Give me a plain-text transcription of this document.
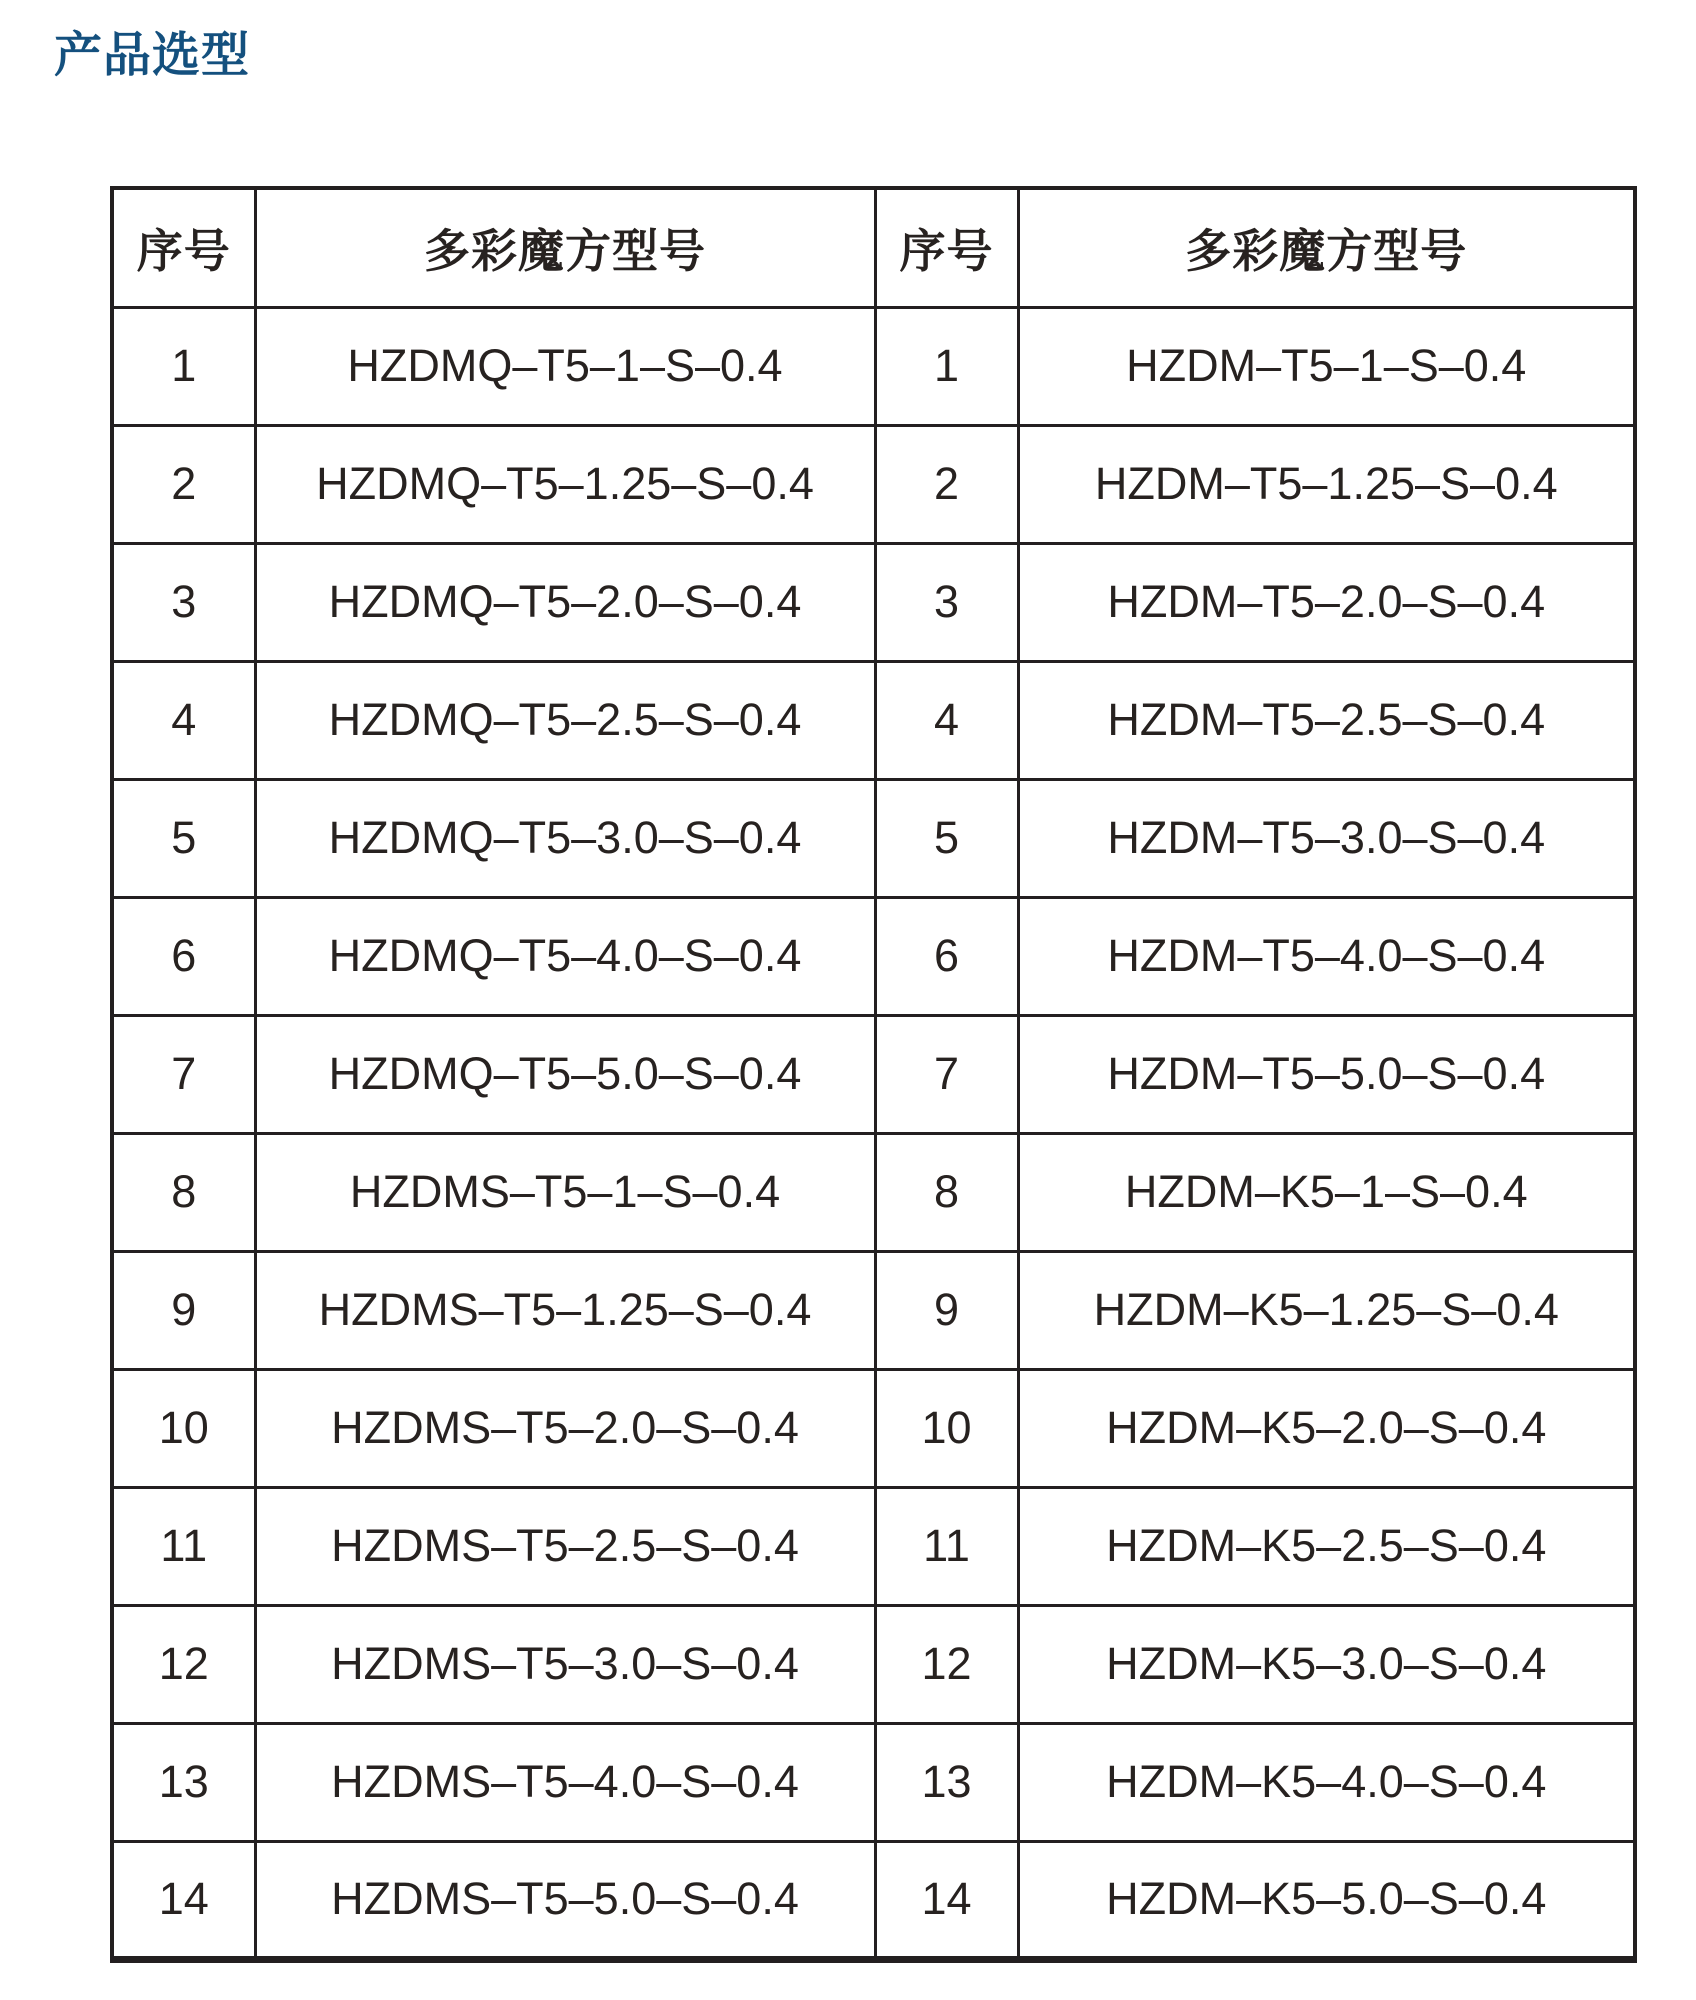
产品选型
序号	多彩魔方型号	序号	多彩魔方型号
1	HZDMQ–T5–1–S–0.4	1	HZDM–T5–1–S–0.4
2	HZDMQ–T5–1.25–S–0.4	2	HZDM–T5–1.25–S–0.4
3	HZDMQ–T5–2.0–S–0.4	3	HZDM–T5–2.0–S–0.4
4	HZDMQ–T5–2.5–S–0.4	4	HZDM–T5–2.5–S–0.4
5	HZDMQ–T5–3.0–S–0.4	5	HZDM–T5–3.0–S–0.4
6	HZDMQ–T5–4.0–S–0.4	6	HZDM–T5–4.0–S–0.4
7	HZDMQ–T5–5.0–S–0.4	7	HZDM–T5–5.0–S–0.4
8	HZDMS–T5–1–S–0.4	8	HZDM–K5–1–S–0.4
9	HZDMS–T5–1.25–S–0.4	9	HZDM–K5–1.25–S–0.4
10	HZDMS–T5–2.0–S–0.4	10	HZDM–K5–2.0–S–0.4
11	HZDMS–T5–2.5–S–0.4	11	HZDM–K5–2.5–S–0.4
12	HZDMS–T5–3.0–S–0.4	12	HZDM–K5–3.0–S–0.4
13	HZDMS–T5–4.0–S–0.4	13	HZDM–K5–4.0–S–0.4
14	HZDMS–T5–5.0–S–0.4	14	HZDM–K5–5.0–S–0.4
